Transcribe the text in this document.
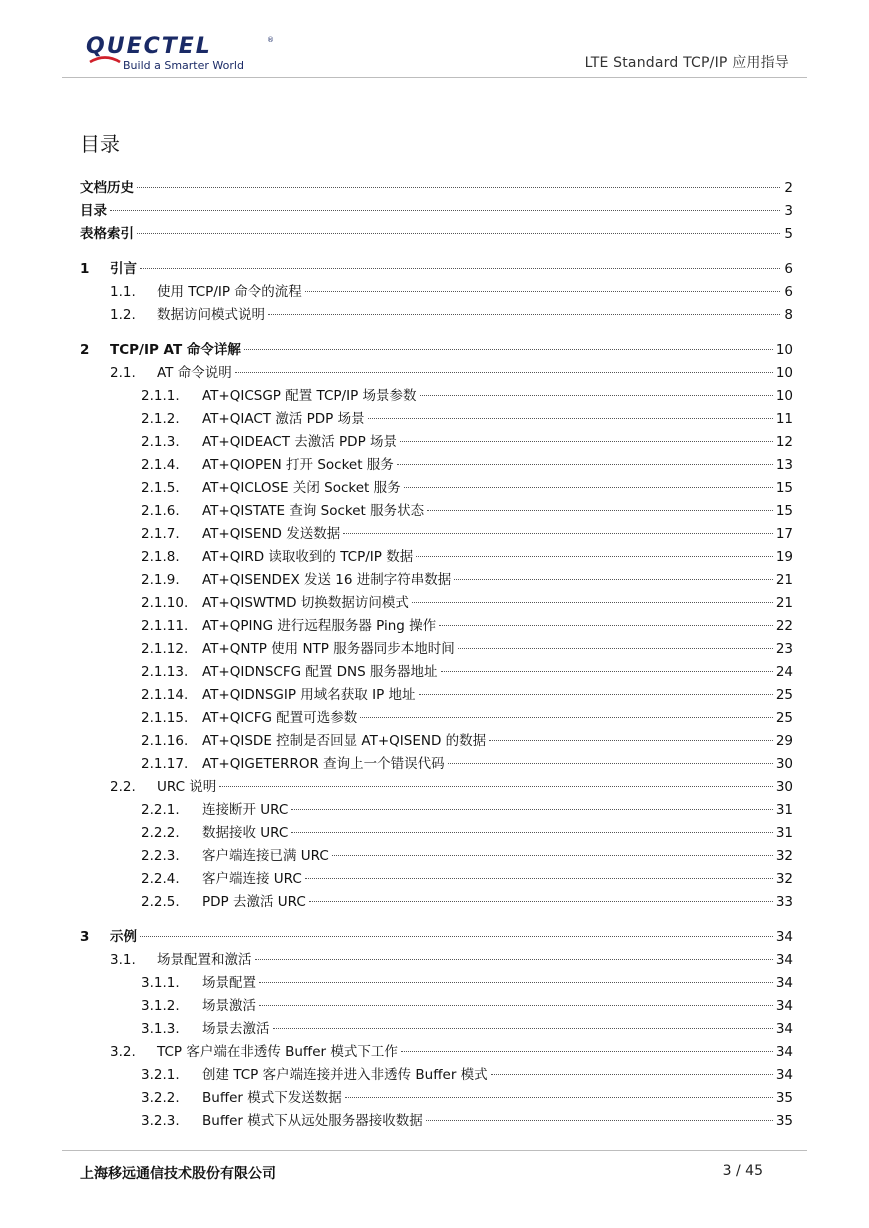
QUECTEL	®
Build a Smarter World	LTE Standard TCP/IP 应用指导
目录
文档历史	2
目录	3
表格索引	5
1 引言	6
1.1. 使用 TCP/IP 命令的流程	6
1.2. 数据访问模式说明	8
2 TCP/IP AT 命令详解	10
2.1. AT 命令说明	10
2.1.1. AT+QICSGP 配置 TCP/IP 场景参数	10
2.1.2. AT+QIACT 激活 PDP 场景	11
2.1.3. AT+QIDEACT 去激活 PDP 场景	12
2.1.4. AT+QIOPEN 打开 Socket 服务	13
2.1.5. AT+QICLOSE 关闭 Socket 服务	15
2.1.6. AT+QISTATE 查询 Socket 服务状态	15
2.1.7. AT+QISEND 发送数据	17
2.1.8. AT+QIRD 读取收到的 TCP/IP 数据	19
2.1.9. AT+QISENDEX 发送 16 进制字符串数据	21
2.1.10. AT+QISWTMD 切换数据访问模式	21
2.1.11. AT+QPING 进行远程服务器 Ping 操作	22
2.1.12. AT+QNTP 使用 NTP 服务器同步本地时间	23
2.1.13. AT+QIDNSCFG 配置 DNS 服务器地址	24
2.1.14. AT+QIDNSGIP 用域名获取 IP 地址	25
2.1.15. AT+QICFG 配置可选参数	25
2.1.16. AT+QISDE 控制是否回显 AT+QISEND 的数据	29
2.1.17. AT+QIGETERROR 查询上一个错误代码	30
2.2. URC 说明	30
2.2.1. 连接断开 URC	31
2.2.2. 数据接收 URC	31
2.2.3. 客户端连接已满 URC	32
2.2.4. 客户端连接 URC	32
2.2.5. PDP 去激活 URC	33
3 示例	34
3.1. 场景配置和激活	34
3.1.1. 场景配置	34
3.1.2. 场景激活	34
3.1.3. 场景去激活	34
3.2. TCP 客户端在非透传 Buffer 模式下工作	34
3.2.1. 创建 TCP 客户端连接并进入非透传 Buffer 模式	34
3.2.2. Buffer 模式下发送数据	35
3.2.3. Buffer 模式下从远处服务器接收数据	35
上海移远通信技术股份有限公司	3 / 45
